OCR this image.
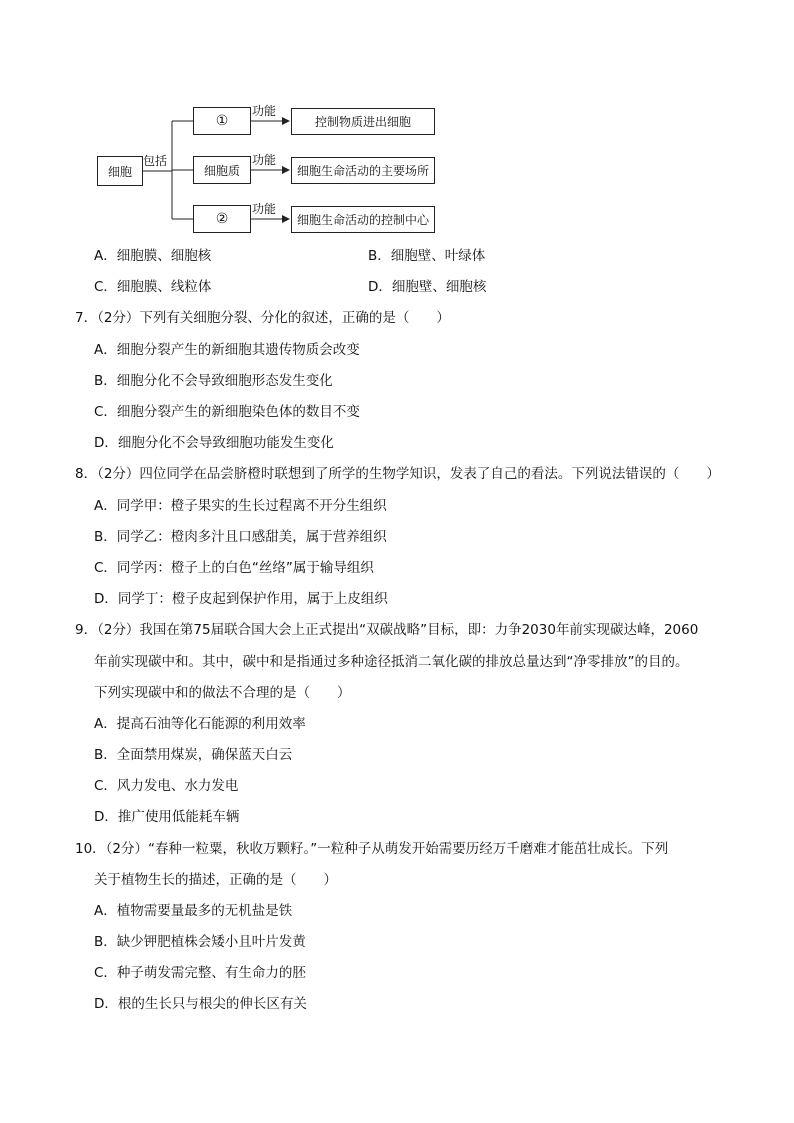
细胞
包括
①
细胞质
②
功能
功能
功能
控制物质进出细胞
细胞生命活动的主要场所
细胞生命活动的控制中心
A．细胞膜、细胞核	B．细胞壁、叶绿体
C．细胞膜、线粒体	D．细胞壁、细胞核
7．（2分）下列有关细胞分裂、分化的叙述，正确的是（　　）
A．细胞分裂产生的新细胞其遗传物质会改变
B．细胞分化不会导致细胞形态发生变化
C．细胞分裂产生的新细胞染色体的数目不变
D．细胞分化不会导致细胞功能发生变化
8．（2分）四位同学在品尝脐橙时联想到了所学的生物学知识，发表了自己的看法。下列说法错误的（　　）
A．同学甲：橙子果实的生长过程离不开分生组织
B．同学乙：橙肉多汁且口感甜美，属于营养组织
C．同学丙：橙子上的白色“丝络”属于输导组织
D．同学丁：橙子皮起到保护作用，属于上皮组织
9．（2分）我国在第75届联合国大会上正式提出“双碳战略”目标，即：力争2030年前实现碳达峰，2060
年前实现碳中和。其中，碳中和是指通过多种途径抵消二氧化碳的排放总量达到“净零排放”的目的。
下列实现碳中和的做法不合理的是（　　）
A．提高石油等化石能源的利用效率
B．全面禁用煤炭，确保蓝天白云
C．风力发电、水力发电
D．推广使用低能耗车辆
10．（2分）“春种一粒粟，秋收万颗籽。”一粒种子从萌发开始需要历经万千磨难才能茁壮成长。下列
关于植物生长的描述，正确的是（　　）
A．植物需要量最多的无机盐是铁
B．缺少钾肥植株会矮小且叶片发黄
C．种子萌发需完整、有生命力的胚
D．根的生长只与根尖的伸长区有关
